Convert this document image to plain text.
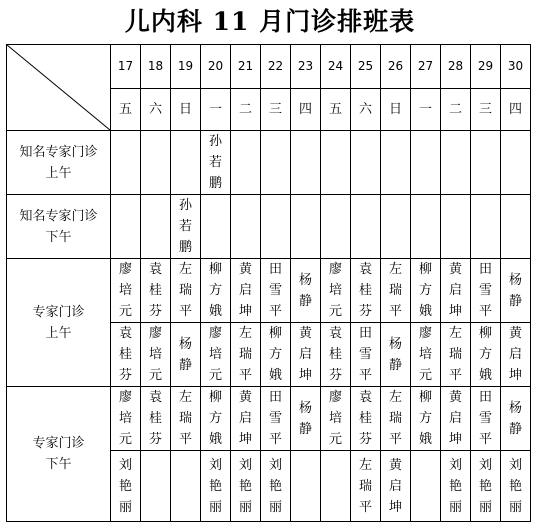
儿内科 11 月门诊排班表
	17	18	19	20	21	22	23	24	25	26	27	28	29	30
	五	六	日	一	二	三	四	五	六	日	一	二	三	四

知名专家门诊
上午				孙若鹏										

知名专家门诊
下午			孙若鹏											

专家门诊
上午	廖培元	袁桂芬	左瑞平	柳方娥	黄启坤	田雪平	杨静	廖培元	袁桂芬	左瑞平	柳方娥	黄启坤	田雪平	杨静
	袁桂芬	廖培元	杨静	廖培元	左瑞平	柳方娥	黄启坤	袁桂芬	田雪平	杨静	廖培元	左瑞平	柳方娥	黄启坤

专家门诊
下午	廖培元	袁桂芬	左瑞平	柳方娥	黄启坤	田雪平	杨静	廖培元	袁桂芬	左瑞平	柳方娥	黄启坤	田雪平	杨静
	刘艳丽			刘艳丽	刘艳丽	刘艳丽			左瑞平	黄启坤		刘艳丽	刘艳丽	刘艳丽
